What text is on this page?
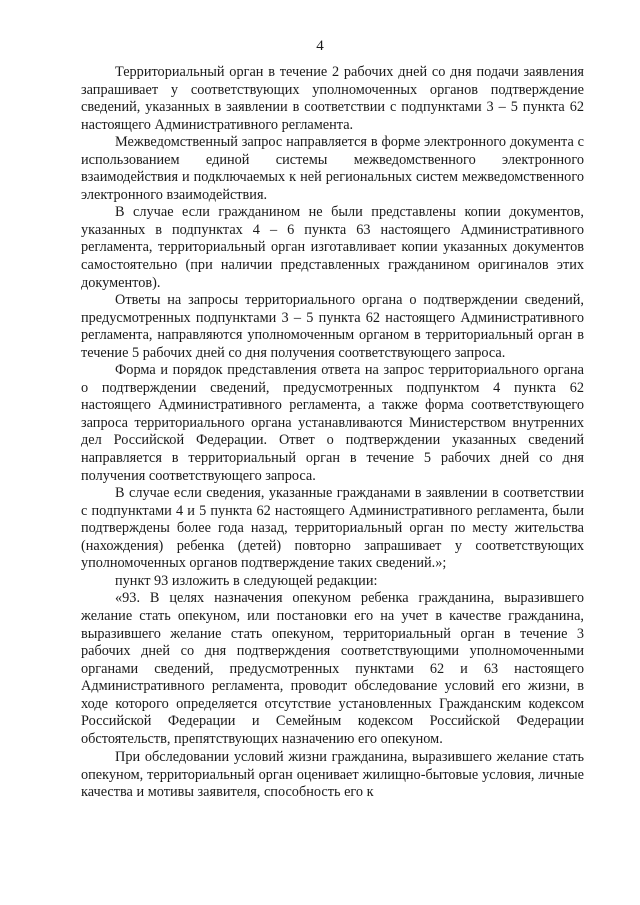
4

Территориальный орган в течение 2 рабочих дней со дня подачи заявления запрашивает у соответствующих уполномоченных органов подтверждение сведений, указанных в заявлении в соответствии с подпунктами 3 – 5 пункта 62 настоящего Административного регламента.

Межведомственный запрос направляется в форме электронного документа с использованием единой системы межведомственного электронного взаимодействия и подключаемых к ней региональных систем межведомственного электронного взаимодействия.

В случае если гражданином не были представлены копии документов, указанных в подпунктах 4 – 6 пункта 63 настоящего Административного регламента, территориальный орган изготавливает копии указанных документов самостоятельно (при наличии представленных гражданином оригиналов этих документов).

Ответы на запросы территориального органа о подтверждении сведений, предусмотренных подпунктами 3 – 5 пункта 62 настоящего Административного регламента, направляются уполномоченным органом в территориальный орган в течение 5 рабочих дней со дня получения соответствующего запроса.

Форма и порядок представления ответа на запрос территориального органа о подтверждении сведений, предусмотренных подпунктом 4 пункта 62 настоящего Административного регламента, а также форма соответствующего запроса территориального органа устанавливаются Министерством внутренних дел Российской Федерации. Ответ о подтверждении указанных сведений направляется в территориальный орган в течение 5 рабочих дней со дня получения соответствующего запроса.

В случае если сведения, указанные гражданами в заявлении в соответствии с подпунктами 4 и 5 пункта 62 настоящего Административного регламента, были подтверждены более года назад, территориальный орган по месту жительства (нахождения) ребенка (детей) повторно запрашивает у соответствующих уполномоченных органов подтверждение таких сведений.»;

пункт 93 изложить в следующей редакции:

«93. В целях назначения опекуном ребенка гражданина, выразившего желание стать опекуном, или постановки его на учет в качестве гражданина, выразившего желание стать опекуном, территориальный орган в течение 3 рабочих дней со дня подтверждения соответствующими уполномоченными органами сведений, предусмотренных пунктами 62 и 63 настоящего Административного регламента, проводит обследование условий его жизни, в ходе которого определяется отсутствие установленных Гражданским кодексом Российской Федерации и Семейным кодексом Российской Федерации обстоятельств, препятствующих назначению его опекуном.

При обследовании условий жизни гражданина, выразившего желание стать опекуном, территориальный орган оценивает жилищно-бытовые условия, личные качества и мотивы заявителя, способность его к
